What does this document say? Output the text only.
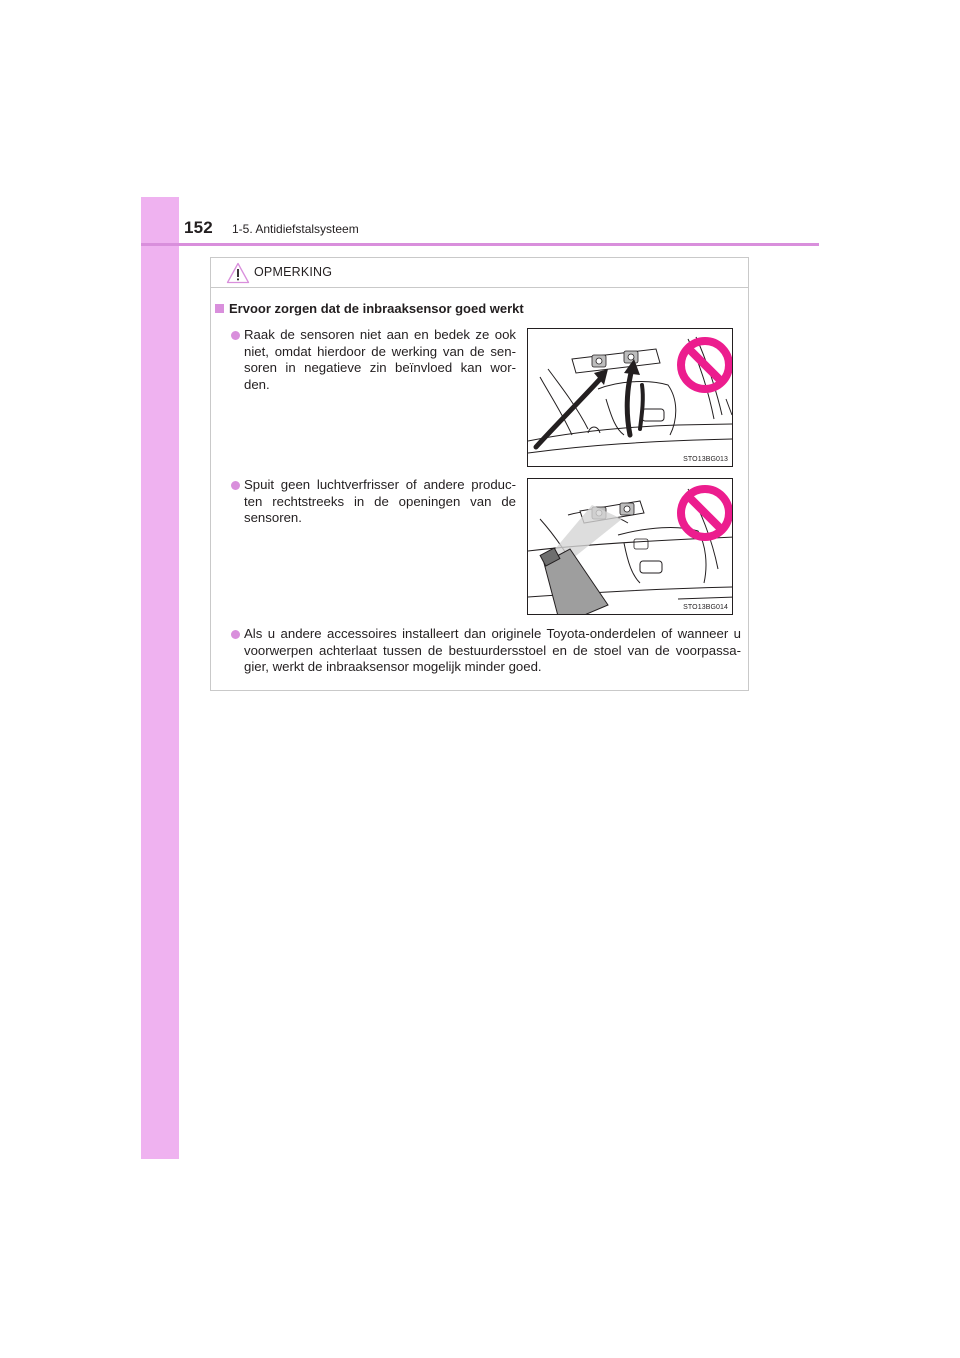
152 1-5. Antidiefstalsysteem
OPMERKING
Ervoor zorgen dat de inbraaksensor goed werkt
Raak de sensoren niet aan en bedek ze ook niet, omdat hierdoor de werking van de sen- soren in negatieve zin beïnvloed kan wor- den.
STO13BG013
Spuit geen luchtverfrisser of andere produc- ten rechtstreeks in de openingen van de sensoren.
STO13BG014
Als u andere accessoires installeert dan originele Toyota-onderdelen of wanneer u voorwerpen achterlaat tussen de bestuurdersstoel en de stoel van de voorpassa- gier, werkt de inbraaksensor mogelijk minder goed.
